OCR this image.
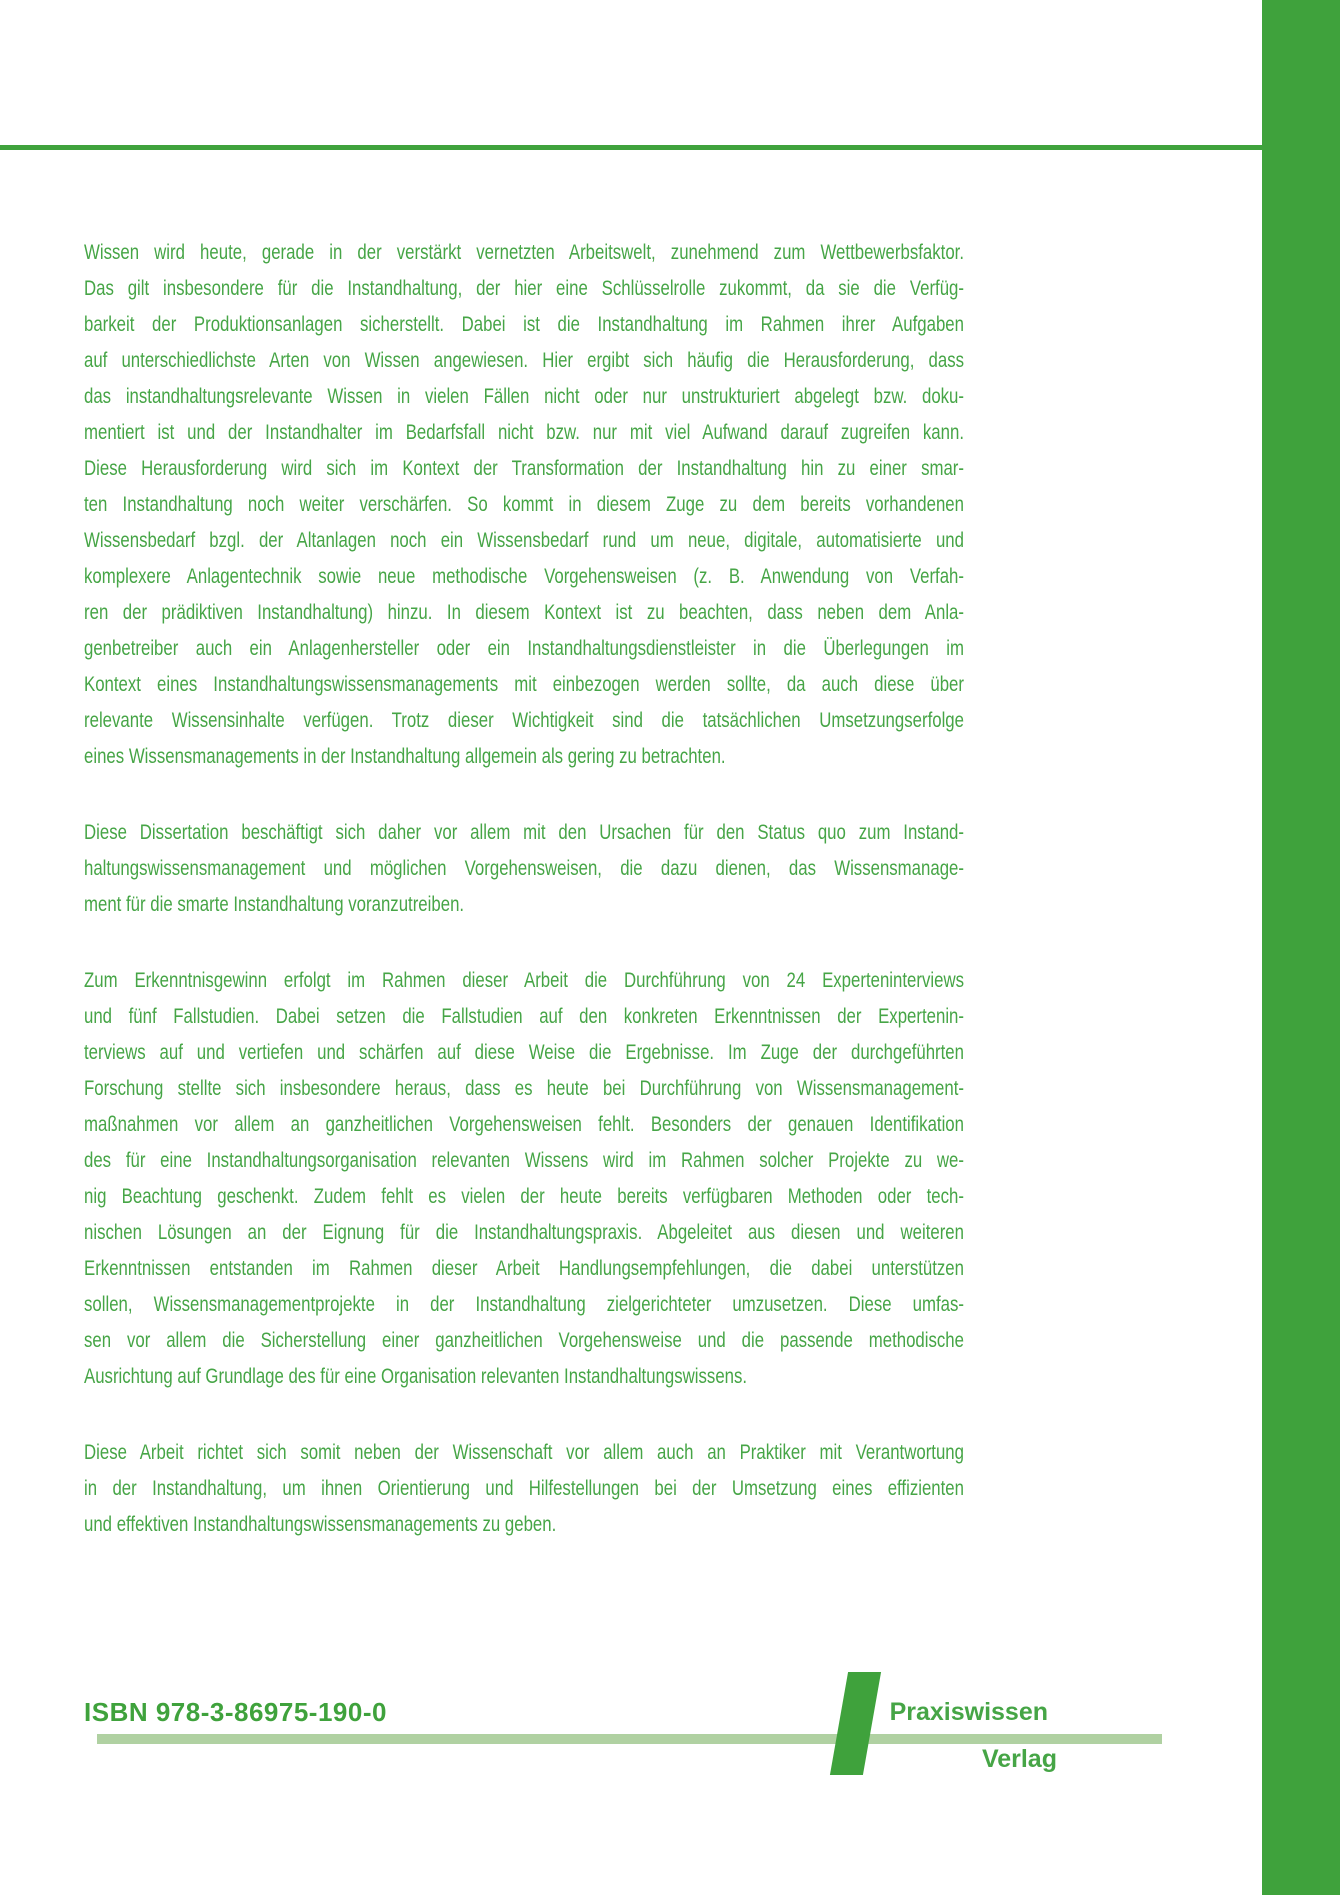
Wissen wird heute, gerade in der verstärkt vernetzten Arbeitswelt, zunehmend zum Wettbewerbsfaktor.
Das gilt insbesondere für die Instandhaltung, der hier eine Schlüsselrolle zukommt, da sie die Verfüg-
barkeit der Produktionsanlagen sicherstellt. Dabei ist die Instandhaltung im Rahmen ihrer Aufgaben
auf unterschiedlichste Arten von Wissen angewiesen. Hier ergibt sich häufig die Herausforderung, dass
das instandhaltungsrelevante Wissen in vielen Fällen nicht oder nur unstrukturiert abgelegt bzw. doku-
mentiert ist und der Instandhalter im Bedarfsfall nicht bzw. nur mit viel Aufwand darauf zugreifen kann.
Diese Herausforderung wird sich im Kontext der Transformation der Instandhaltung hin zu einer smar-
ten Instandhaltung noch weiter verschärfen. So kommt in diesem Zuge zu dem bereits vorhandenen
Wissensbedarf bzgl. der Altanlagen noch ein Wissensbedarf rund um neue, digitale, automatisierte und
komplexere Anlagentechnik sowie neue methodische Vorgehensweisen (z. B. Anwendung von Verfah-
ren der prädiktiven Instandhaltung) hinzu. In diesem Kontext ist zu beachten, dass neben dem Anla-
genbetreiber auch ein Anlagenhersteller oder ein Instandhaltungsdienstleister in die Überlegungen im
Kontext eines Instandhaltungswissensmanagements mit einbezogen werden sollte, da auch diese über
relevante Wissensinhalte verfügen. Trotz dieser Wichtigkeit sind die tatsächlichen Umsetzungserfolge
eines Wissensmanagements in der Instandhaltung allgemein als gering zu betrachten.
Diese Dissertation beschäftigt sich daher vor allem mit den Ursachen für den Status quo zum Instand-
haltungswissensmanagement und möglichen Vorgehensweisen, die dazu dienen, das Wissensmanage-
ment für die smarte Instandhaltung voranzutreiben.
Zum Erkenntnisgewinn erfolgt im Rahmen dieser Arbeit die Durchführung von 24 Experteninterviews
und fünf Fallstudien. Dabei setzen die Fallstudien auf den konkreten Erkenntnissen der Expertenin-
terviews auf und vertiefen und schärfen auf diese Weise die Ergebnisse. Im Zuge der durchgeführten
Forschung stellte sich insbesondere heraus, dass es heute bei Durchführung von Wissensmanagement-
maßnahmen vor allem an ganzheitlichen Vorgehensweisen fehlt. Besonders der genauen Identifikation
des für eine Instandhaltungsorganisation relevanten Wissens wird im Rahmen solcher Projekte zu we-
nig Beachtung geschenkt. Zudem fehlt es vielen der heute bereits verfügbaren Methoden oder tech-
nischen Lösungen an der Eignung für die Instandhaltungspraxis. Abgeleitet aus diesen und weiteren
Erkenntnissen entstanden im Rahmen dieser Arbeit Handlungsempfehlungen, die dabei unterstützen
sollen, Wissensmanagementprojekte in der Instandhaltung zielgerichteter umzusetzen. Diese umfas-
sen vor allem die Sicherstellung einer ganzheitlichen Vorgehensweise und die passende methodische
Ausrichtung auf Grundlage des für eine Organisation relevanten Instandhaltungswissens.
Diese Arbeit richtet sich somit neben der Wissenschaft vor allem auch an Praktiker mit Verantwortung
in der Instandhaltung, um ihnen Orientierung und Hilfestellungen bei der Umsetzung eines effizienten
und effektiven Instandhaltungswissensmanagements zu geben.
ISBN 978-3-86975-190-0	Praxiswissen
Verlag
